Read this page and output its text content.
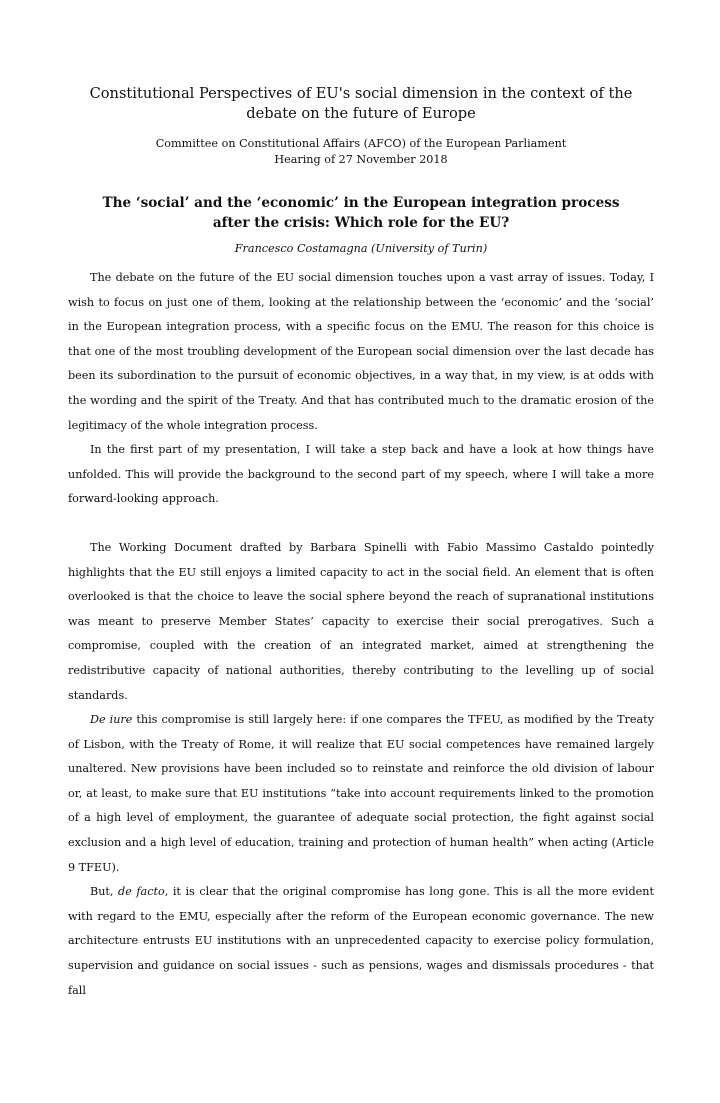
Constitutional Perspectives of EU's social dimension in the context of the debate on the future of Europe
Committee on Constitutional Affairs (AFCO) of the European Parliament
Hearing of 27 November 2018
The ‘social’ and the ‘economic’ in the European integration process after the crisis: Which role for the EU?
Francesco Costamagna (University of Turin)

The debate on the future of the EU social dimension touches upon a vast array of issues. Today, I wish to focus on just one of them, looking at the relationship between the ‘economic’ and the ‘social’ in the European integration process, with a specific focus on the EMU. The reason for this choice is that one of the most troubling development of the European social dimension over the last decade has been its subordination to the pursuit of economic objectives, in a way that, in my view, is at odds with the wording and the spirit of the Treaty. And that has contributed much to the dramatic erosion of the legitimacy of the whole integration process.

In the first part of my presentation, I will take a step back and have a look at how things have unfolded. This will provide the background to the second part of my speech, where I will take a more forward-looking approach.

The Working Document drafted by Barbara Spinelli with Fabio Massimo Castaldo pointedly highlights that the EU still enjoys a limited capacity to act in the social field. An element that is often overlooked is that the choice to leave the social sphere beyond the reach of supranational institutions was meant to preserve Member States’ capacity to exercise their social prerogatives. Such a compromise, coupled with the creation of an integrated market, aimed at strengthening the redistributive capacity of national authorities, thereby contributing to the levelling up of social standards.

De iure this compromise is still largely here: if one compares the TFEU, as modified by the Treaty of Lisbon, with the Treaty of Rome, it will realize that EU social competences have remained largely unaltered. New provisions have been included so to reinstate and reinforce the old division of labour or, at least, to make sure that EU institutions “take into account requirements linked to the promotion of a high level of employment, the guarantee of adequate social protection, the fight against social exclusion and a high level of education, training and protection of human health” when acting (Article 9 TFEU).

But, de facto, it is clear that the original compromise has long gone. This is all the more evident with regard to the EMU, especially after the reform of the European economic governance. The new architecture entrusts EU institutions with an unprecedented capacity to exercise policy formulation, supervision and guidance on social issues - such as pensions, wages and dismissals procedures - that fall
